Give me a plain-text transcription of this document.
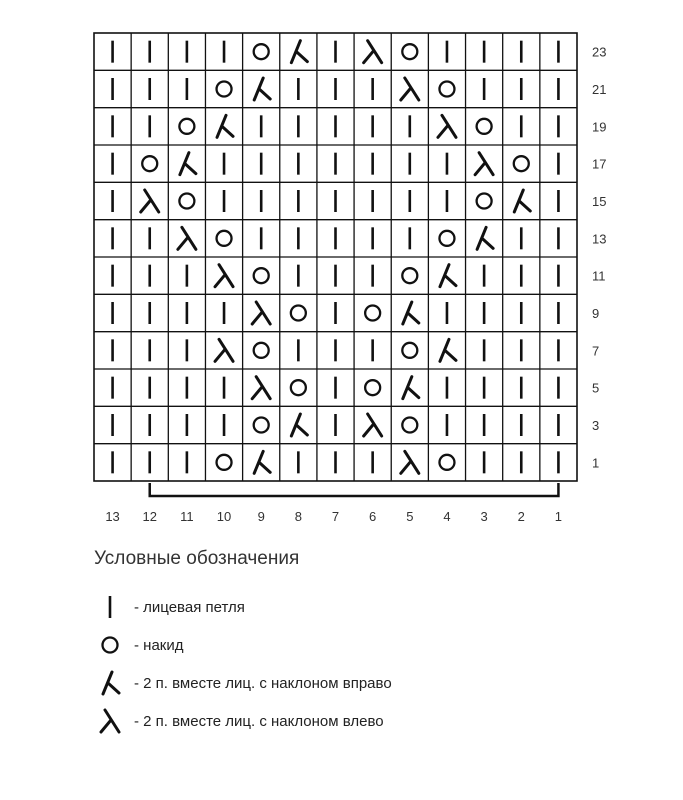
23
21
19
17
15
13
11
9
7
5
3
1
13 12 11 10 9 8 7 6 5 4 3 2 1
Условные обозначения
- лицевая петля
- накид
- 2 п. вместе лиц. с наклоном вправо
- 2 п. вместе лиц. с наклоном влево
